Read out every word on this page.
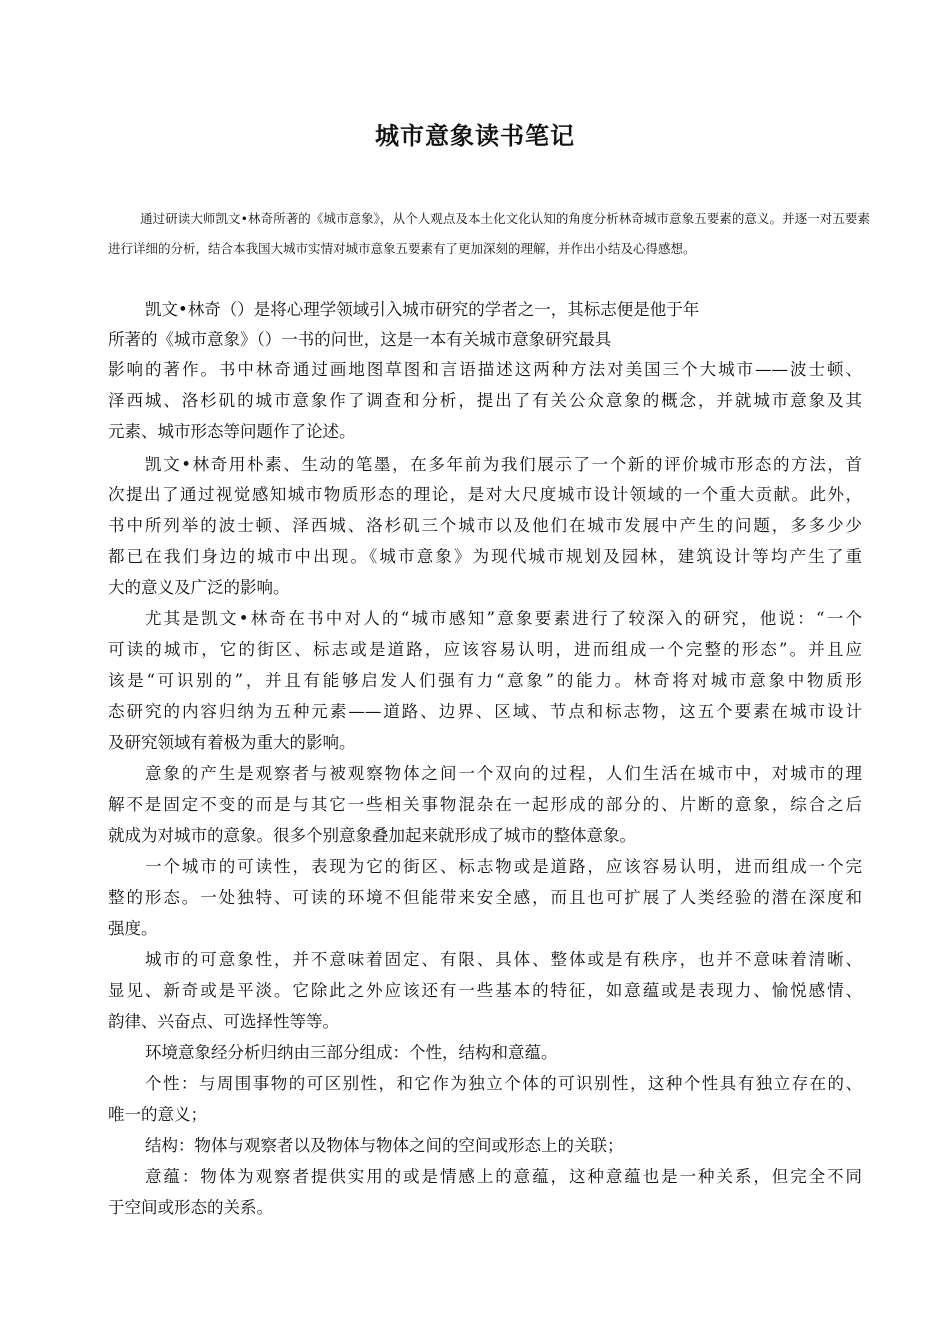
城市意象读书笔记
通过研读大师凯文•林奇所著的《城市意象》，从个人观点及本土化文化认知的角度分析林奇城市意象五要素的意义。并逐一对五要素进行详细的分析，结合本我国大城市实情对城市意象五要素有了更加深刻的理解，并作出小结及心得感想。
凯文•林奇（）是将心理学领域引入城市研究的学者之一，其标志便是他于年
所著的《城市意象》（）一书的问世，这是一本有关城市意象研究最具
影响的著作。书中林奇通过画地图草图和言语描述这两种方法对美国三个大城市——波士顿、
泽西城、洛杉矶的城市意象作了调查和分析，提出了有关公众意象的概念，并就城市意象及其
元素、城市形态等问题作了论述。
凯文•林奇用朴素、生动的笔墨，在多年前为我们展示了一个新的评价城市形态的方法，首
次提出了通过视觉感知城市物质形态的理论，是对大尺度城市设计领域的一个重大贡献。此外，
书中所列举的波士顿、泽西城、洛杉矶三个城市以及他们在城市发展中产生的问题，多多少少
都已在我们身边的城市中出现。《城市意象》为现代城市规划及园林，建筑设计等均产生了重
大的意义及广泛的影响。
尤其是凯文•林奇在书中对人的“城市感知”意象要素进行了较深入的研究，他说：“一个
可读的城市，它的街区、标志或是道路，应该容易认明，进而组成一个完整的形态”。并且应
该是“可识别的”，并且有能够启发人们强有力“意象”的能力。林奇将对城市意象中物质形
态研究的内容归纳为五种元素——道路、边界、区域、节点和标志物，这五个要素在城市设计
及研究领域有着极为重大的影响。
意象的产生是观察者与被观察物体之间一个双向的过程，人们生活在城市中，对城市的理
解不是固定不变的而是与其它一些相关事物混杂在一起形成的部分的、片断的意象，综合之后
就成为对城市的意象。很多个别意象叠加起来就形成了城市的整体意象。
一个城市的可读性，表现为它的街区、标志物或是道路，应该容易认明，进而组成一个完
整的形态。一处独特、可读的环境不但能带来安全感，而且也可扩展了人类经验的潜在深度和
强度。
城市的可意象性，并不意味着固定、有限、具体、整体或是有秩序，也并不意味着清晰、
显见、新奇或是平淡。它除此之外应该还有一些基本的特征，如意蕴或是表现力、愉悦感情、
韵律、兴奋点、可选择性等等。
环境意象经分析归纳由三部分组成：个性，结构和意蕴。
个性：与周围事物的可区别性，和它作为独立个体的可识别性，这种个性具有独立存在的、
唯一的意义；
结构：物体与观察者以及物体与物体之间的空间或形态上的关联；
意蕴：物体为观察者提供实用的或是情感上的意蕴，这种意蕴也是一种关系，但完全不同
于空间或形态的关系。
